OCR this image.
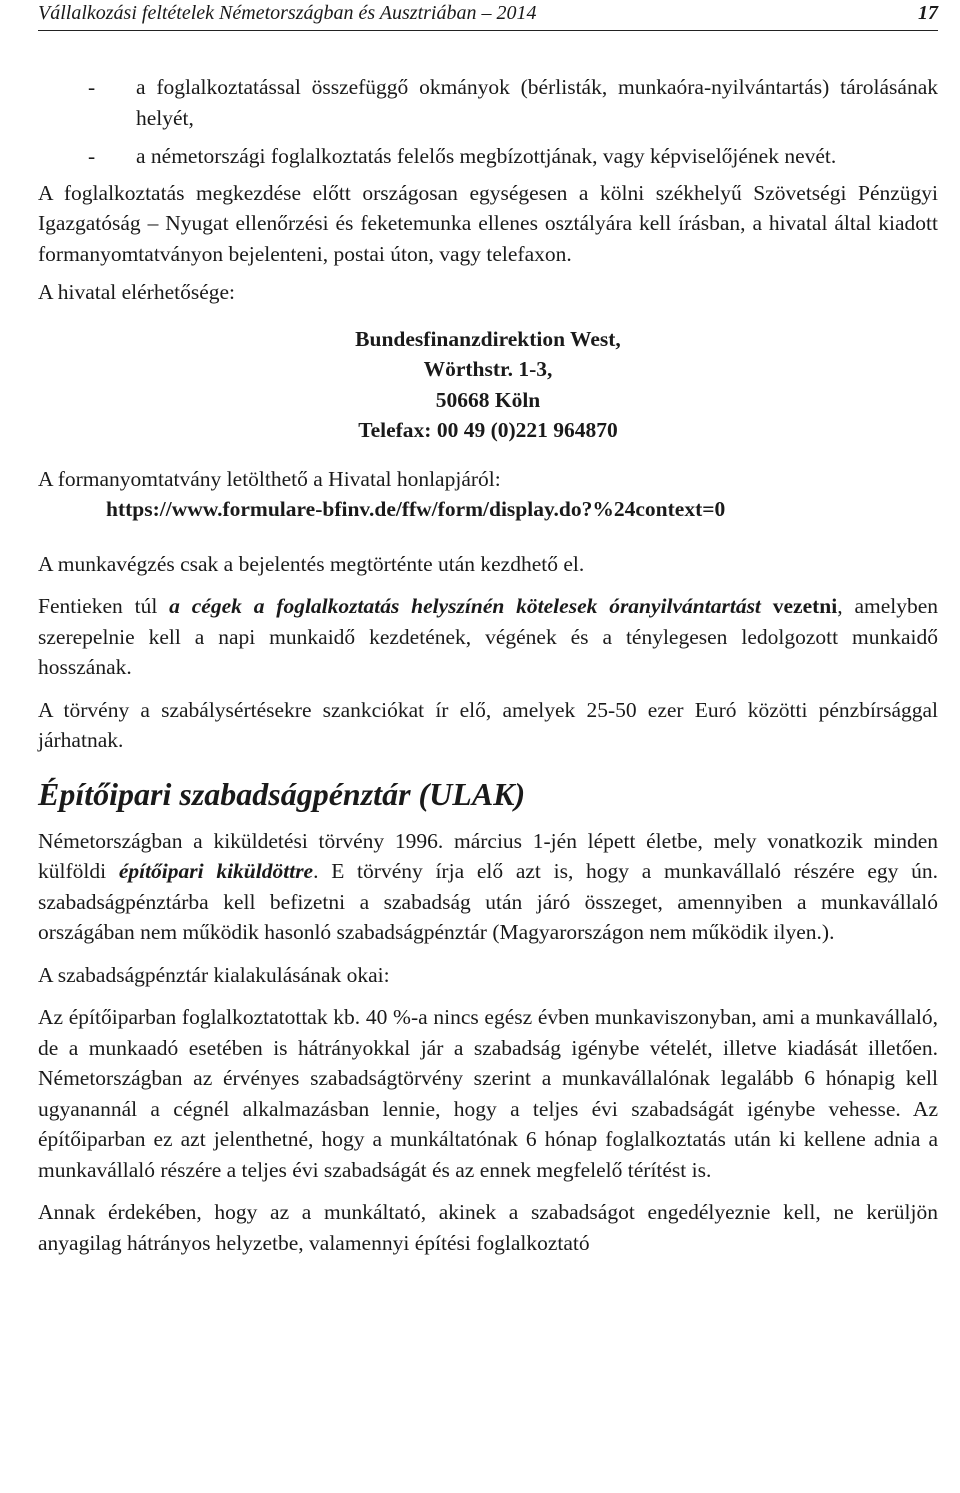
Vállalkozási feltételek Németországban és Ausztriában – 2014	17
- a foglalkoztatással összefüggő okmányok (bérlisták, munkaóra-nyilvántartás) tárolásának helyét,
- a németországi foglalkoztatás felelős megbízottjának, vagy képviselőjének nevét.

A foglalkoztatás megkezdése előtt országosan egységesen a kölni székhelyű Szövetségi Pénzügyi Igazgatóság – Nyugat ellenőrzési és feketemunka ellenes osztályára kell írásban, a hivatal által kiadott formanyomtatványon bejelenteni, postai úton, vagy telefaxon.

A hivatal elérhetősége:

Bundesfinanzdirektion West,

Wörthstr. 1-3,

50668 Köln

Telefax: 00 49 (0)221 964870

A formanyomtatvány letölthető a Hivatal honlapjáról:

https://www.formulare-bfinv.de/ffw/form/display.do?%24context=0

A munkavégzés csak a bejelentés megtörténte után kezdhető el.

Fentieken túl a cégek a foglalkoztatás helyszínén kötelesek óranyilvántartást vezetni, amelyben szerepelnie kell a napi munkaidő kezdetének, végének és a ténylegesen ledolgozott munkaidő hosszának.

A törvény a szabálysértésekre szankciókat ír elő, amelyek 25-50 ezer Euró közötti pénzbírsággal járhatnak.

Építőipari szabadságpénztár (ULAK)

Németországban a kiküldetési törvény 1996. március 1-jén lépett életbe, mely vonatkozik minden külföldi építőipari kiküldöttre. E törvény írja elő azt is, hogy a munkavállaló részére egy ún. szabadságpénztárba kell befizetni a szabadság után járó összeget, amennyiben a munkavállaló országában nem működik hasonló szabadságpénztár (Magyarországon nem működik ilyen.).

A szabadságpénztár kialakulásának okai:

Az építőiparban foglalkoztatottak kb. 40 %-a nincs egész évben munkaviszonyban, ami a munkavállaló, de a munkaadó esetében is hátrányokkal jár a szabadság igénybe vételét, illetve kiadását illetően. Németországban az érvényes szabadságtörvény szerint a munkavállalónak legalább 6 hónapig kell ugyanannál a cégnél alkalmazásban lennie, hogy a teljes évi szabadságát igénybe vehesse. Az építőiparban ez azt jelenthetné, hogy a munkáltatónak 6 hónap foglalkoztatás után ki kellene adnia a munkavállaló részére a teljes évi szabadságát és az ennek megfelelő térítést is.

Annak érdekében, hogy az a munkáltató, akinek a szabadságot engedélyeznie kell, ne kerüljön anyagilag hátrányos helyzetbe, valamennyi építési foglalkoztató
